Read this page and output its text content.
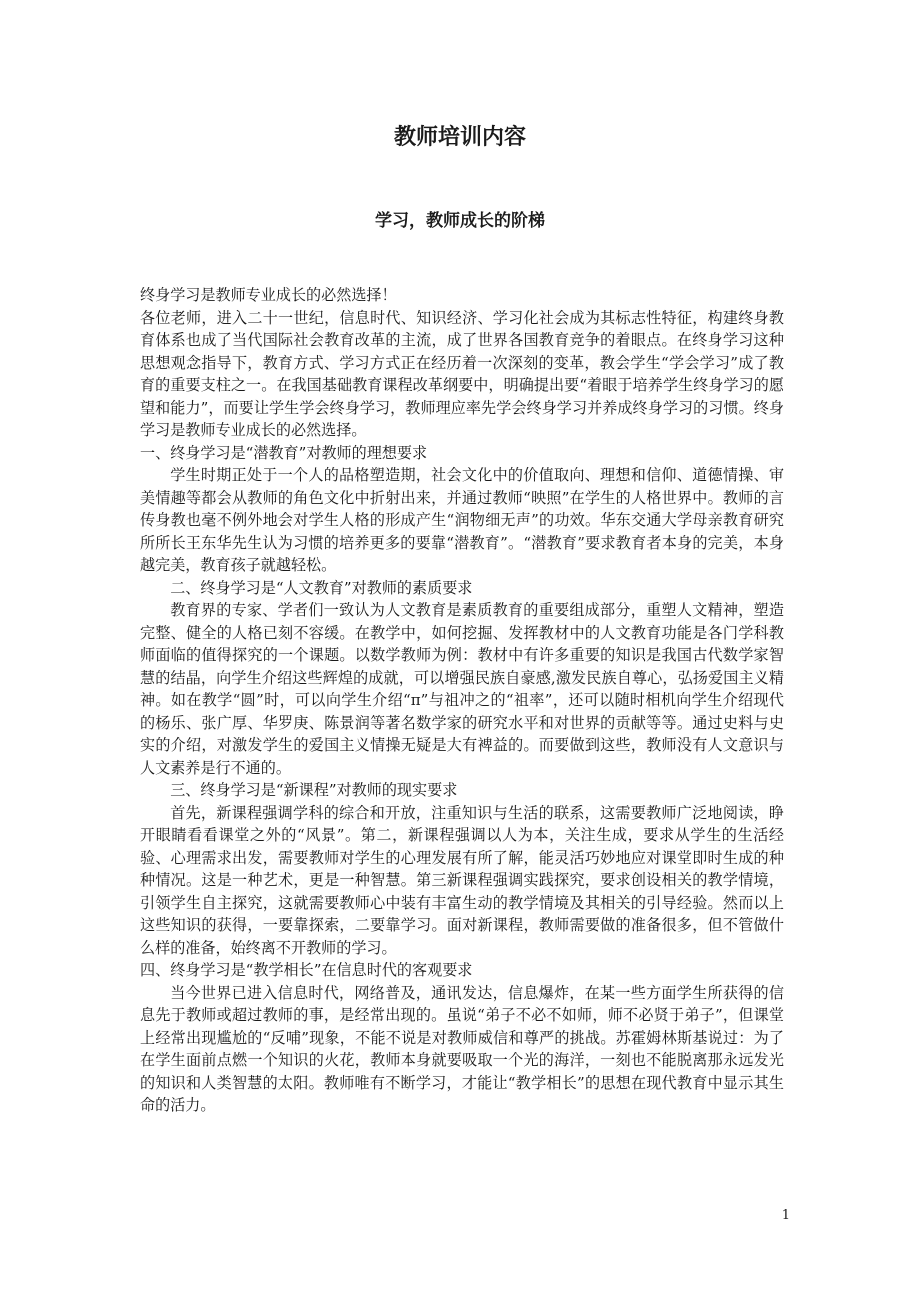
教师培训内容
学习，教师成长的阶梯

终身学习是教师专业成长的必然选择！

各位老师，进入二十一世纪，信息时代、知识经济、学习化社会成为其标志性特征，构建终身教育体系也成了当代国际社会教育改革的主流，成了世界各国教育竞争的着眼点。在终身学习这种思想观念指导下，教育方式、学习方式正在经历着一次深刻的变革，教会学生“学会学习”成了教育的重要支柱之一。在我国基础教育课程改革纲要中，明确提出要“着眼于培养学生终身学习的愿望和能力”，而要让学生学会终身学习，教师理应率先学会终身学习并养成终身学习的习惯。终身学习是教师专业成长的必然选择。

一、终身学习是“潜教育”对教师的理想要求

学生时期正处于一个人的品格塑造期，社会文化中的价值取向、理想和信仰、道德情操、审美情趣等都会从教师的角色文化中折射出来，并通过教师“映照”在学生的人格世界中。教师的言传身教也毫不例外地会对学生人格的形成产生“润物细无声”的功效。华东交通大学母亲教育研究所所长王东华先生认为习惯的培养更多的要靠“潜教育”。“潜教育”要求教育者本身的完美，本身越完美，教育孩子就越轻松。

二、终身学习是“人文教育”对教师的素质要求

教育界的专家、学者们一致认为人文教育是素质教育的重要组成部分，重塑人文精神，塑造完整、健全的人格已刻不容缓。在教学中，如何挖掘、发挥教材中的人文教育功能是各门学科教师面临的值得探究的一个课题。以数学教师为例：教材中有许多重要的知识是我国古代数学家智慧的结晶，向学生介绍这些辉煌的成就，可以增强民族自豪感,激发民族自尊心，弘扬爱国主义精神。如在教学“圆”时，可以向学生介绍“π”与祖冲之的“祖率”，还可以随时相机向学生介绍现代的杨乐、张广厚、华罗庚、陈景润等著名数学家的研究水平和对世界的贡献等等。通过史料与史实的介绍，对激发学生的爱国主义情操无疑是大有裨益的。而要做到这些，教师没有人文意识与人文素养是行不通的。

三、终身学习是“新课程”对教师的现实要求

首先，新课程强调学科的综合和开放，注重知识与生活的联系，这需要教师广泛地阅读，睁开眼睛看看课堂之外的“风景”。第二，新课程强调以人为本，关注生成，要求从学生的生活经验、心理需求出发，需要教师对学生的心理发展有所了解，能灵活巧妙地应对课堂即时生成的种种情况。这是一种艺术，更是一种智慧。第三新课程强调实践探究，要求创设相关的教学情境，引领学生自主探究，这就需要教师心中装有丰富生动的教学情境及其相关的引导经验。然而以上这些知识的获得，一要靠探索，二要靠学习。面对新课程，教师需要做的准备很多，但不管做什么样的准备，始终离不开教师的学习。

四、终身学习是“教学相长”在信息时代的客观要求

当今世界已进入信息时代，网络普及，通讯发达，信息爆炸，在某一些方面学生所获得的信息先于教师或超过教师的事，是经常出现的。虽说“弟子不必不如师，师不必贤于弟子”，但课堂上经常出现尴尬的“反哺”现象，不能不说是对教师威信和尊严的挑战。苏霍姆林斯基说过：为了在学生面前点燃一个知识的火花，教师本身就要吸取一个光的海洋，一刻也不能脱离那永远发光的知识和人类智慧的太阳。教师唯有不断学习，才能让“教学相长”的思想在现代教育中显示其生命的活力。

1
